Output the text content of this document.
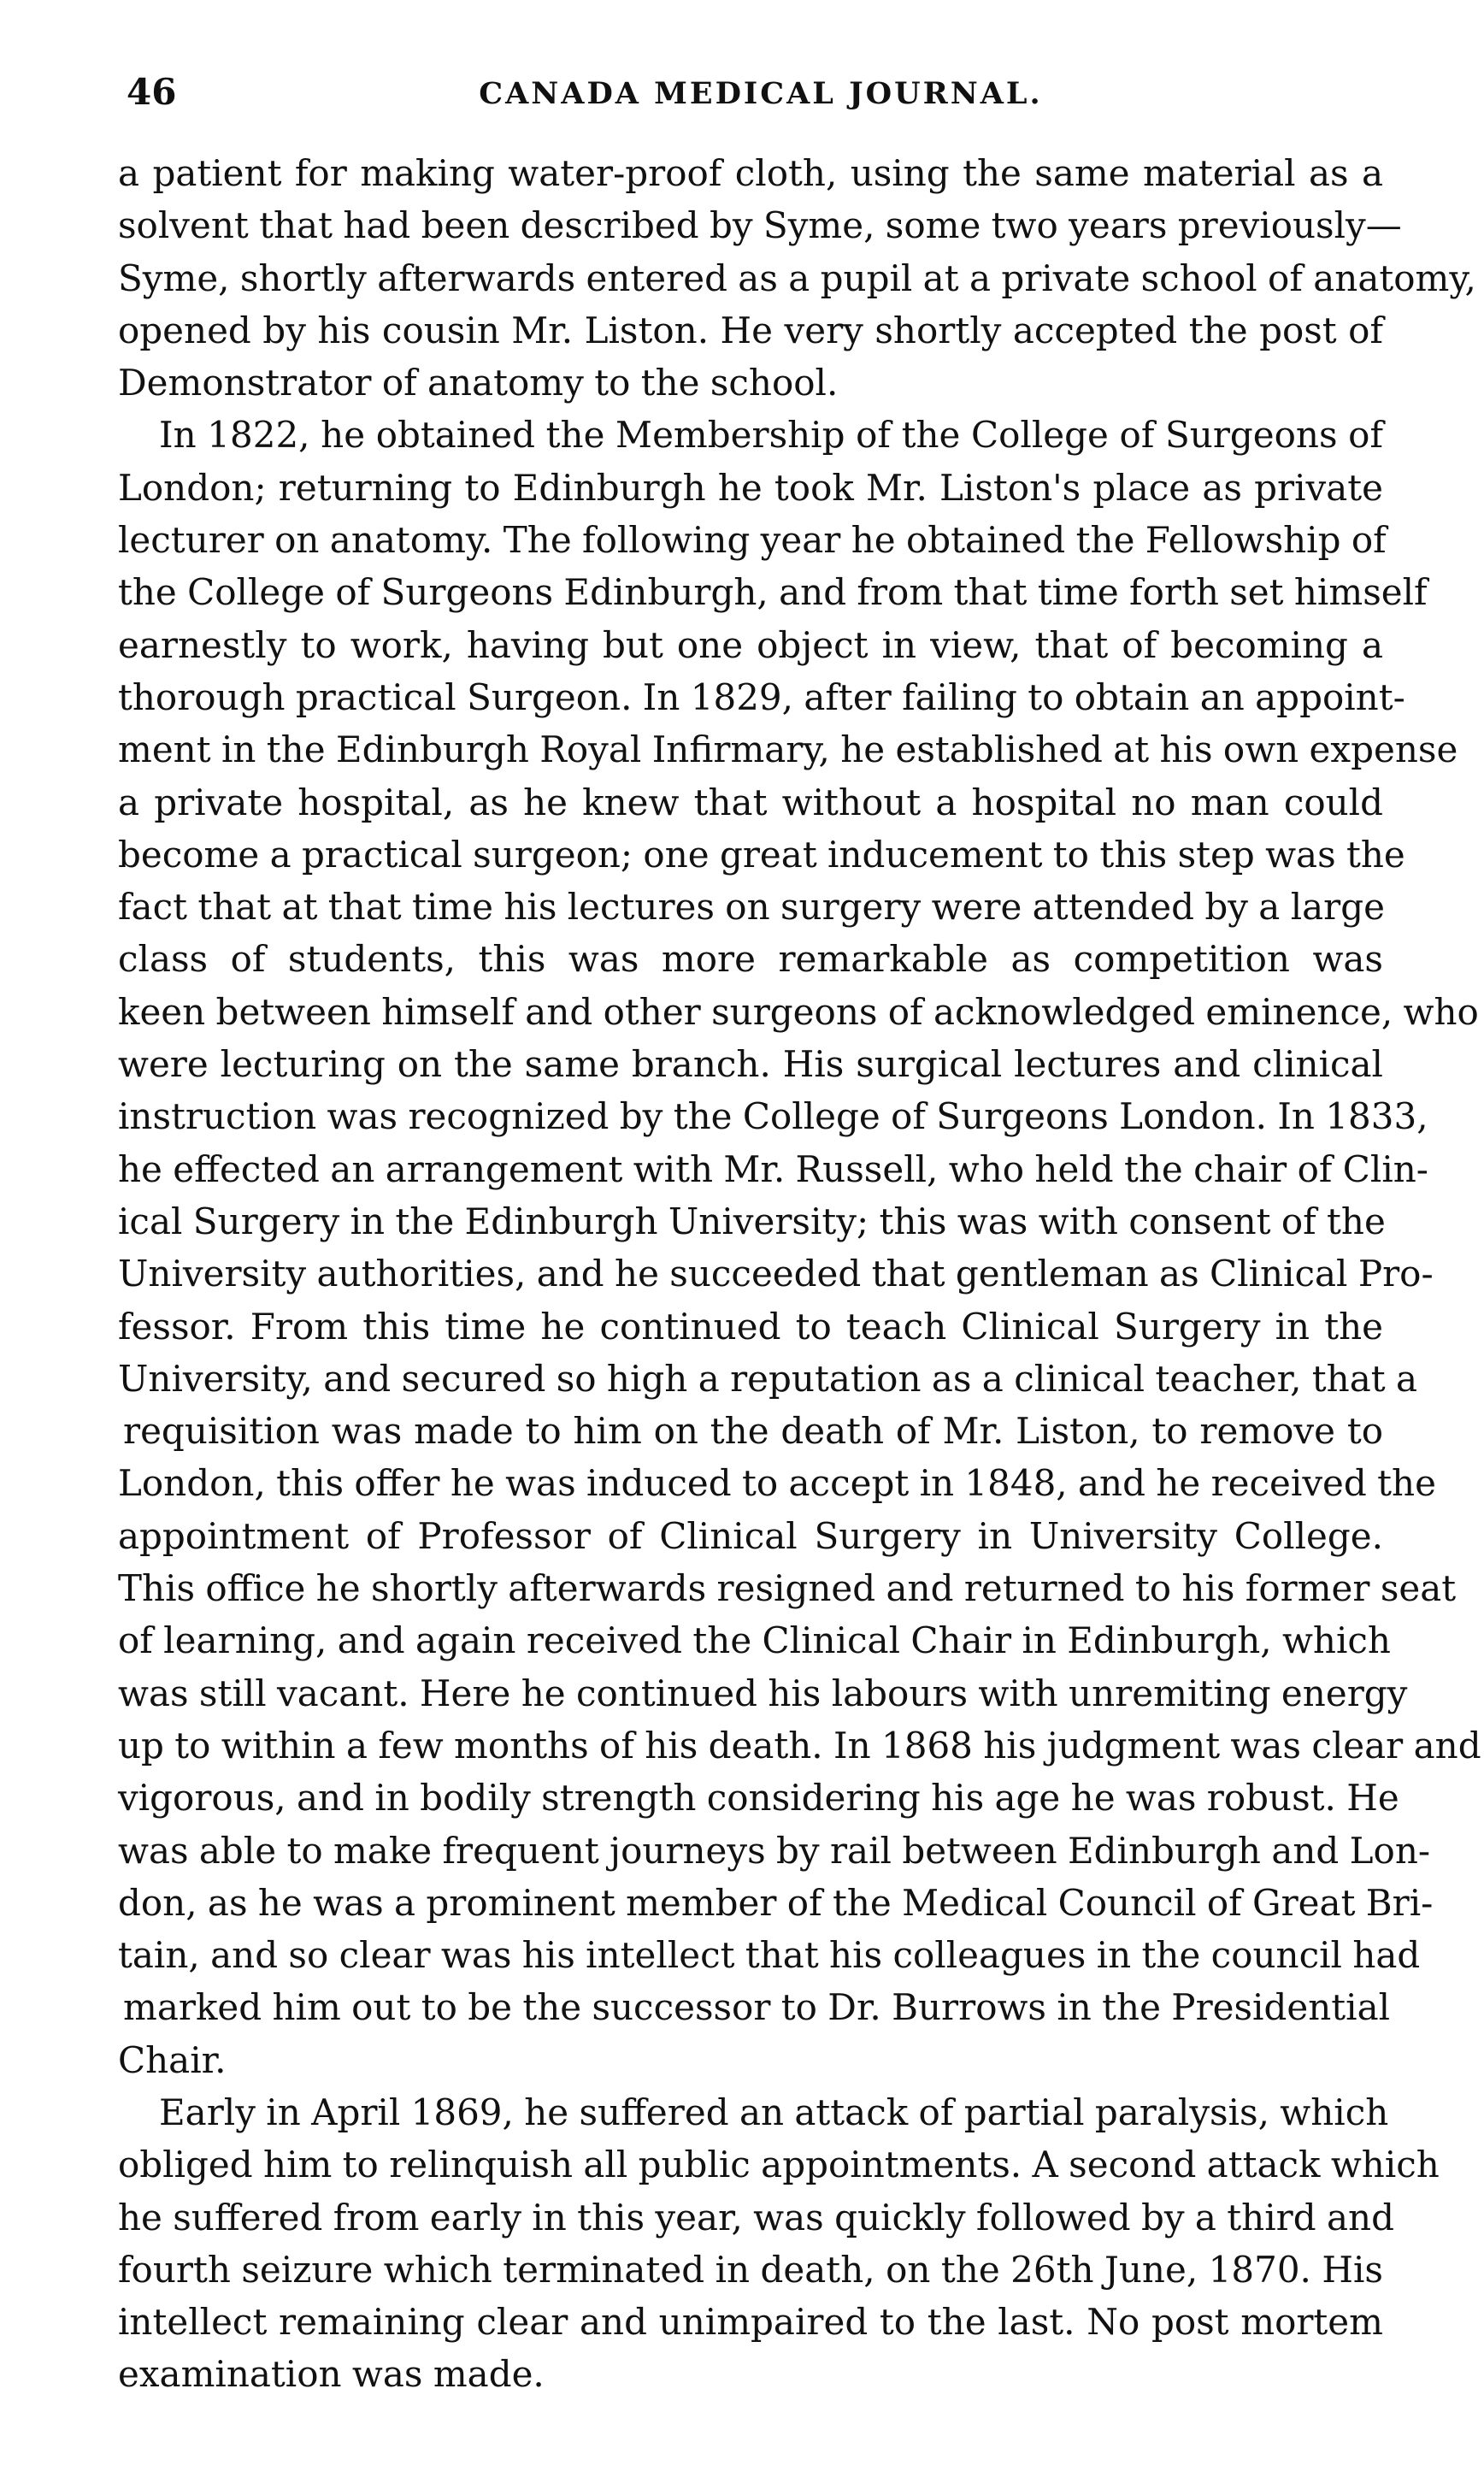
46	CANADA MEDICAL JOURNAL.
a patient for making water-proof cloth, using the same material as a
solvent that had been described by Syme, some two years previously—
Syme, shortly afterwards entered as a pupil at a private school of anatomy,
opened by his cousin Mr. Liston. He very shortly accepted the post of
Demonstrator of anatomy to the school.
In 1822, he obtained the Membership of the College of Surgeons of
London; returning to Edinburgh he took Mr. Liston's place as private
lecturer on anatomy. The following year he obtained the Fellowship of
the College of Surgeons Edinburgh, and from that time forth set himself
earnestly to work, having but one object in view, that of becoming a
thorough practical Surgeon. In 1829, after failing to obtain an appoint-
ment in the Edinburgh Royal Infirmary, he established at his own expense
a private hospital, as he knew that without a hospital no man could
become a practical surgeon; one great inducement to this step was the
fact that at that time his lectures on surgery were attended by a large
class of students, this was more remarkable as competition was
keen between himself and other surgeons of acknowledged eminence, who
were lecturing on the same branch. His surgical lectures and clinical
instruction was recognized by the College of Surgeons London. In 1833,
he effected an arrangement with Mr. Russell, who held the chair of Clin-
ical Surgery in the Edinburgh University; this was with consent of the
University authorities, and he succeeded that gentleman as Clinical Pro-
fessor. From this time he continued to teach Clinical Surgery in the
University, and secured so high a reputation as a clinical teacher, that a
requisition was made to him on the death of Mr. Liston, to remove to
London, this offer he was induced to accept in 1848, and he received the
appointment of Professor of Clinical Surgery in University College.
This office he shortly afterwards resigned and returned to his former seat
of learning, and again received the Clinical Chair in Edinburgh, which
was still vacant. Here he continued his labours with unremiting energy
up to within a few months of his death. In 1868 his judgment was clear and
vigorous, and in bodily strength considering his age he was robust. He
was able to make frequent journeys by rail between Edinburgh and Lon-
don, as he was a prominent member of the Medical Council of Great Bri-
tain, and so clear was his intellect that his colleagues in the council had
marked him out to be the successor to Dr. Burrows in the Presidential
Chair.
Early in April 1869, he suffered an attack of partial paralysis, which
obliged him to relinquish all public appointments. A second attack which
he suffered from early in this year, was quickly followed by a third and
fourth seizure which terminated in death, on the 26th June, 1870. His
intellect remaining clear and unimpaired to the last. No post mortem
examination was made.
